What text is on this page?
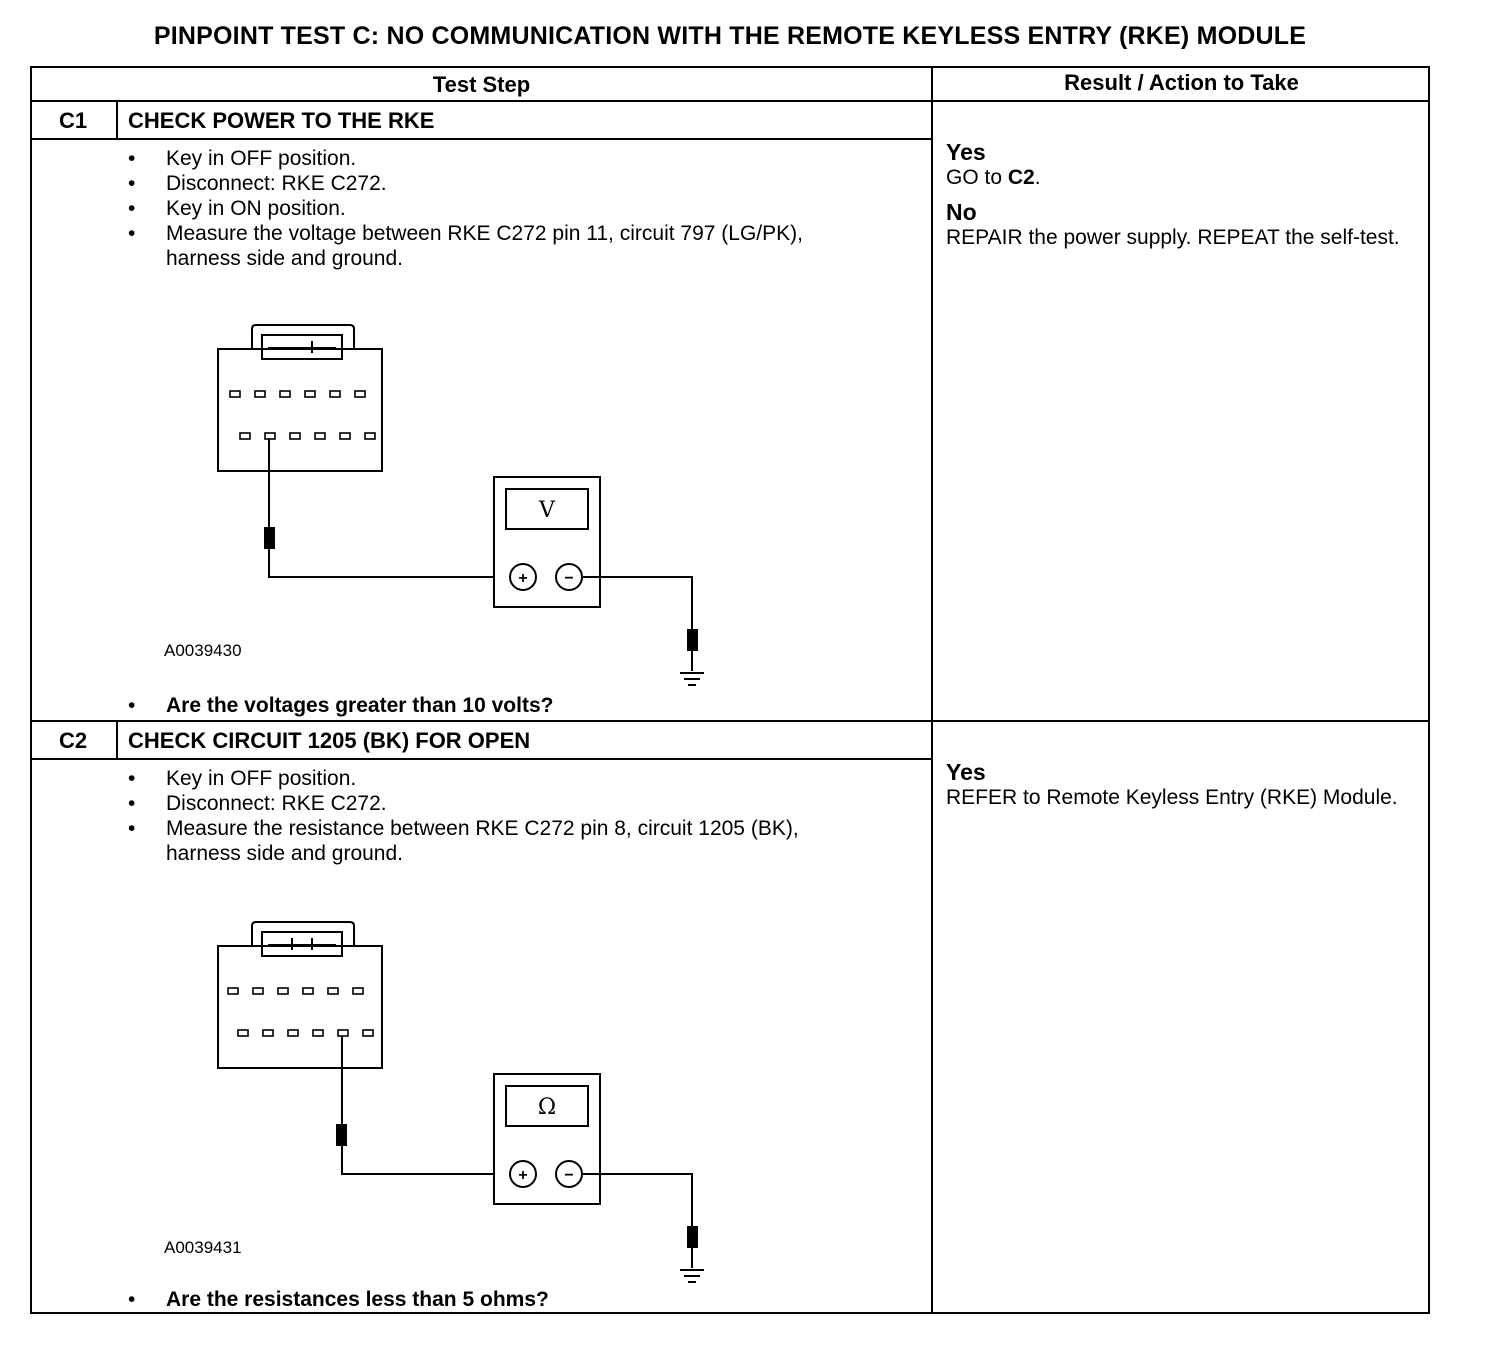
PINPOINT TEST C: NO COMMUNICATION WITH THE REMOTE KEYLESS ENTRY (RKE) MODULE
Test Step	Result / Action to Take
C1	CHECK POWER TO THE RKE
• Key in OFF position.
• Disconnect: RKE C272.
• Key in ON position.
• Measure the voltage between RKE C272 pin 11, circuit 797 (LG/PK), harness side and ground.
V
+ −
A0039430
• Are the voltages greater than 10 volts?
Yes
GO to C2.
No
REPAIR the power supply. REPEAT the self-test.
C2	CHECK CIRCUIT 1205 (BK) FOR OPEN
• Key in OFF position.
• Disconnect: RKE C272.
• Measure the resistance between RKE C272 pin 8, circuit 1205 (BK), harness side and ground.
Ω
+ −
A0039431
• Are the resistances less than 5 ohms?
Yes
REFER to Remote Keyless Entry (RKE) Module.
